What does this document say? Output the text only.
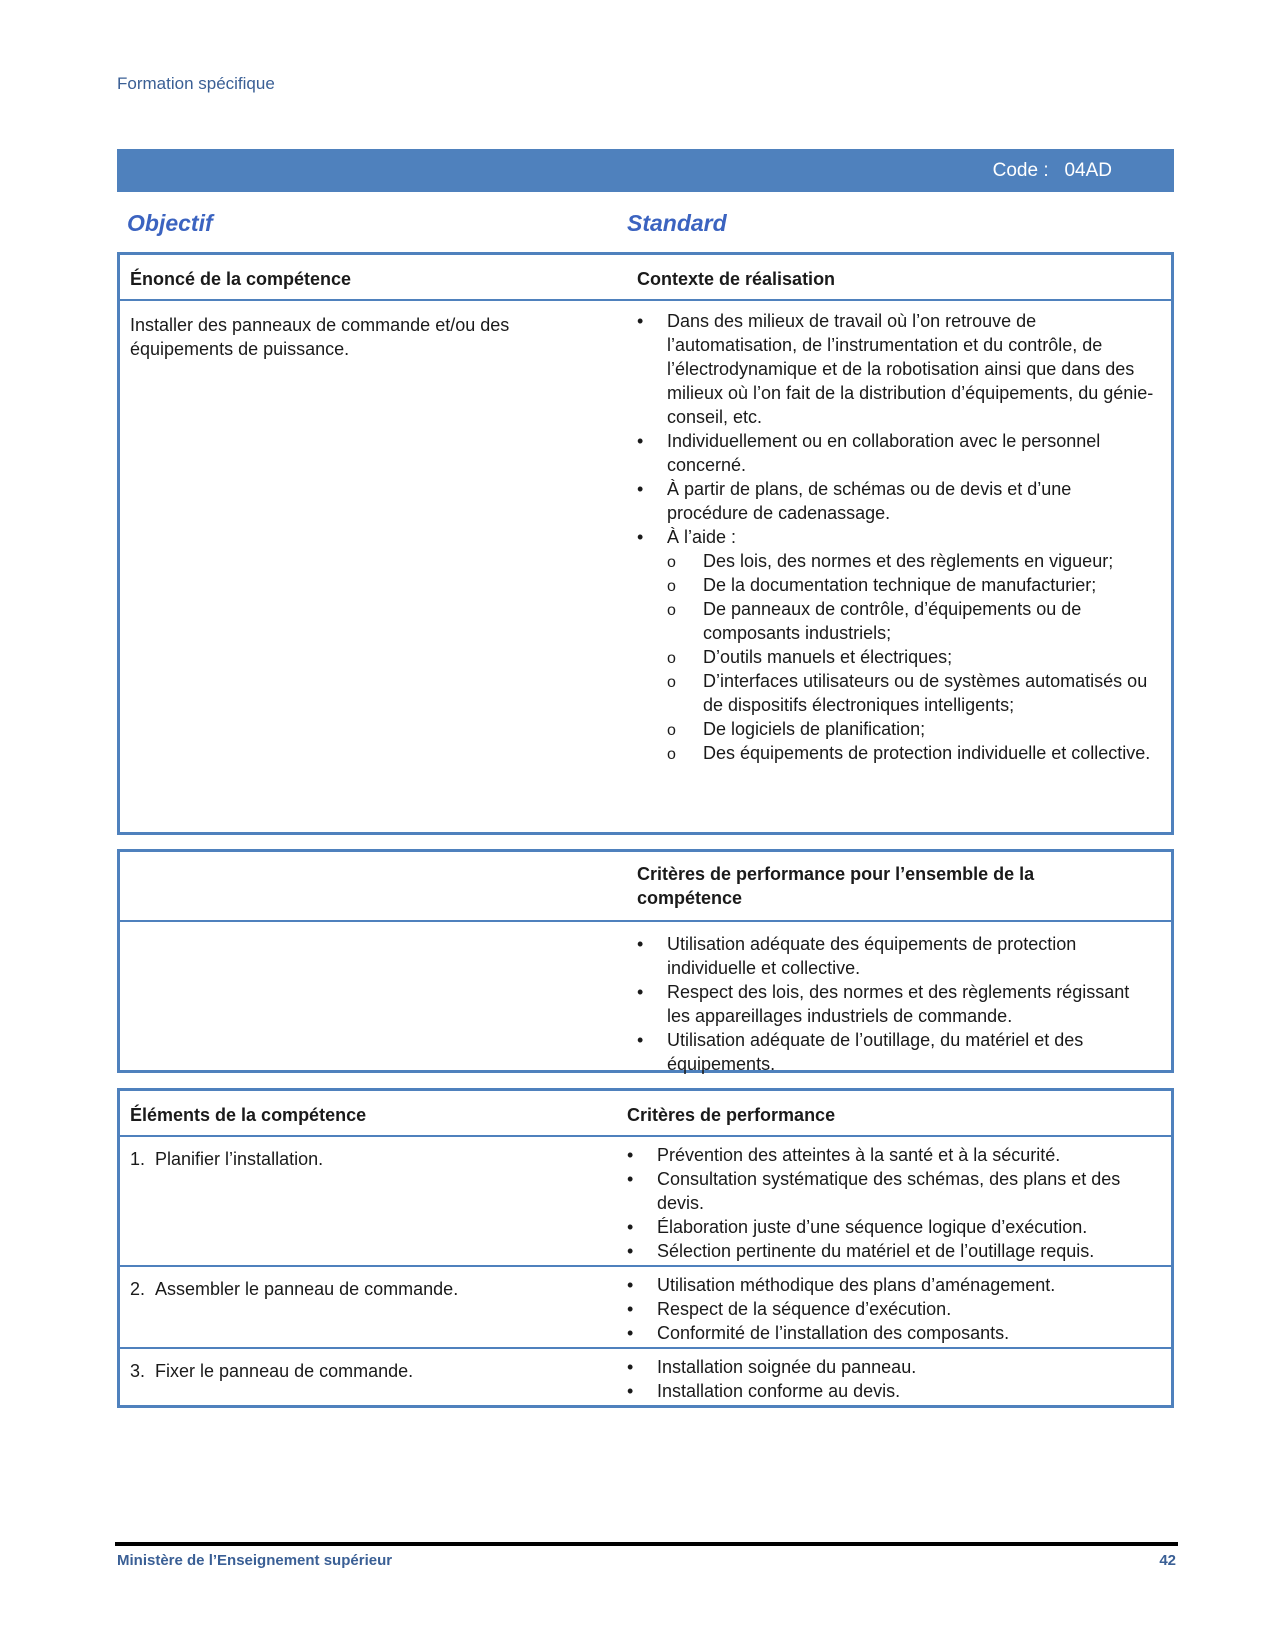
Formation spécifique
Code : 04AD
Objectif	Standard
Énoncé de la compétence	Contexte de réalisation
Installer des panneaux de commande et/ou des équipements de puissance.
• Dans des milieux de travail où l’on retrouve de l’automatisation, de l’instrumentation et du contrôle, de l’électrodynamique et de la robotisation ainsi que dans des milieux où l’on fait de la distribution d’équipements, du génie-conseil, etc.
• Individuellement ou en collaboration avec le personnel concerné.
• À partir de plans, de schémas ou de devis et d’une procédure de cadenassage.
• À l’aide :
o Des lois, des normes et des règlements en vigueur;
o De la documentation technique de manufacturier;
o De panneaux de contrôle, d’équipements ou de composants industriels;
o D’outils manuels et électriques;
o D’interfaces utilisateurs ou de systèmes automatisés ou de dispositifs électroniques intelligents;
o De logiciels de planification;
o Des équipements de protection individuelle et collective.
Critères de performance pour l’ensemble de la compétence
• Utilisation adéquate des équipements de protection individuelle et collective.
• Respect des lois, des normes et des règlements régissant les appareillages industriels de commande.
• Utilisation adéquate de l’outillage, du matériel et des équipements.
Éléments de la compétence	Critères de performance
1.  Planifier l’installation.	• Prévention des atteintes à la santé et à la sécurité.
• Consultation systématique des schémas, des plans et des devis.
• Élaboration juste d’une séquence logique d’exécution.
• Sélection pertinente du matériel et de l’outillage requis.
2.  Assembler le panneau de commande.	• Utilisation méthodique des plans d’aménagement.
• Respect de la séquence d’exécution.
• Conformité de l’installation des composants.
3.  Fixer le panneau de commande.	• Installation soignée du panneau.
• Installation conforme au devis.
Ministère de l’Enseignement supérieur	42
